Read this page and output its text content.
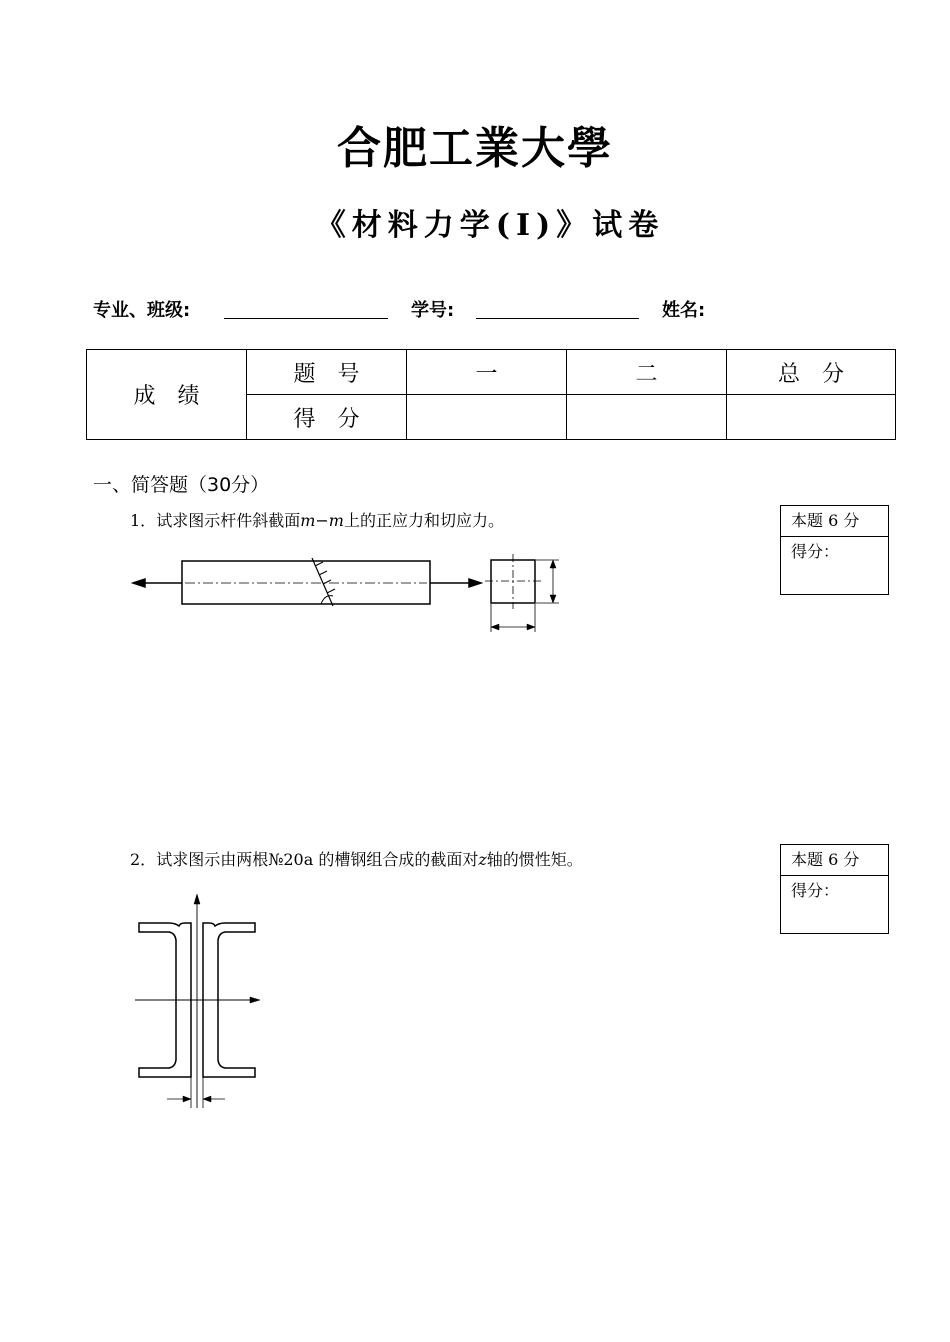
合肥工業大學
《材料力学(I)》试卷
专业、班级:	学号:	姓名:
成　绩	题　号	一	二	总　分
	得　分			
一、简答题（30分）
1．试求图示杆件斜截面m−m上的正应力和切应力。	本题 6 分
得分：
2．试求图示由两根№20a 的槽钢组合成的截面对z轴的惯性矩。	本题 6 分
得分：
